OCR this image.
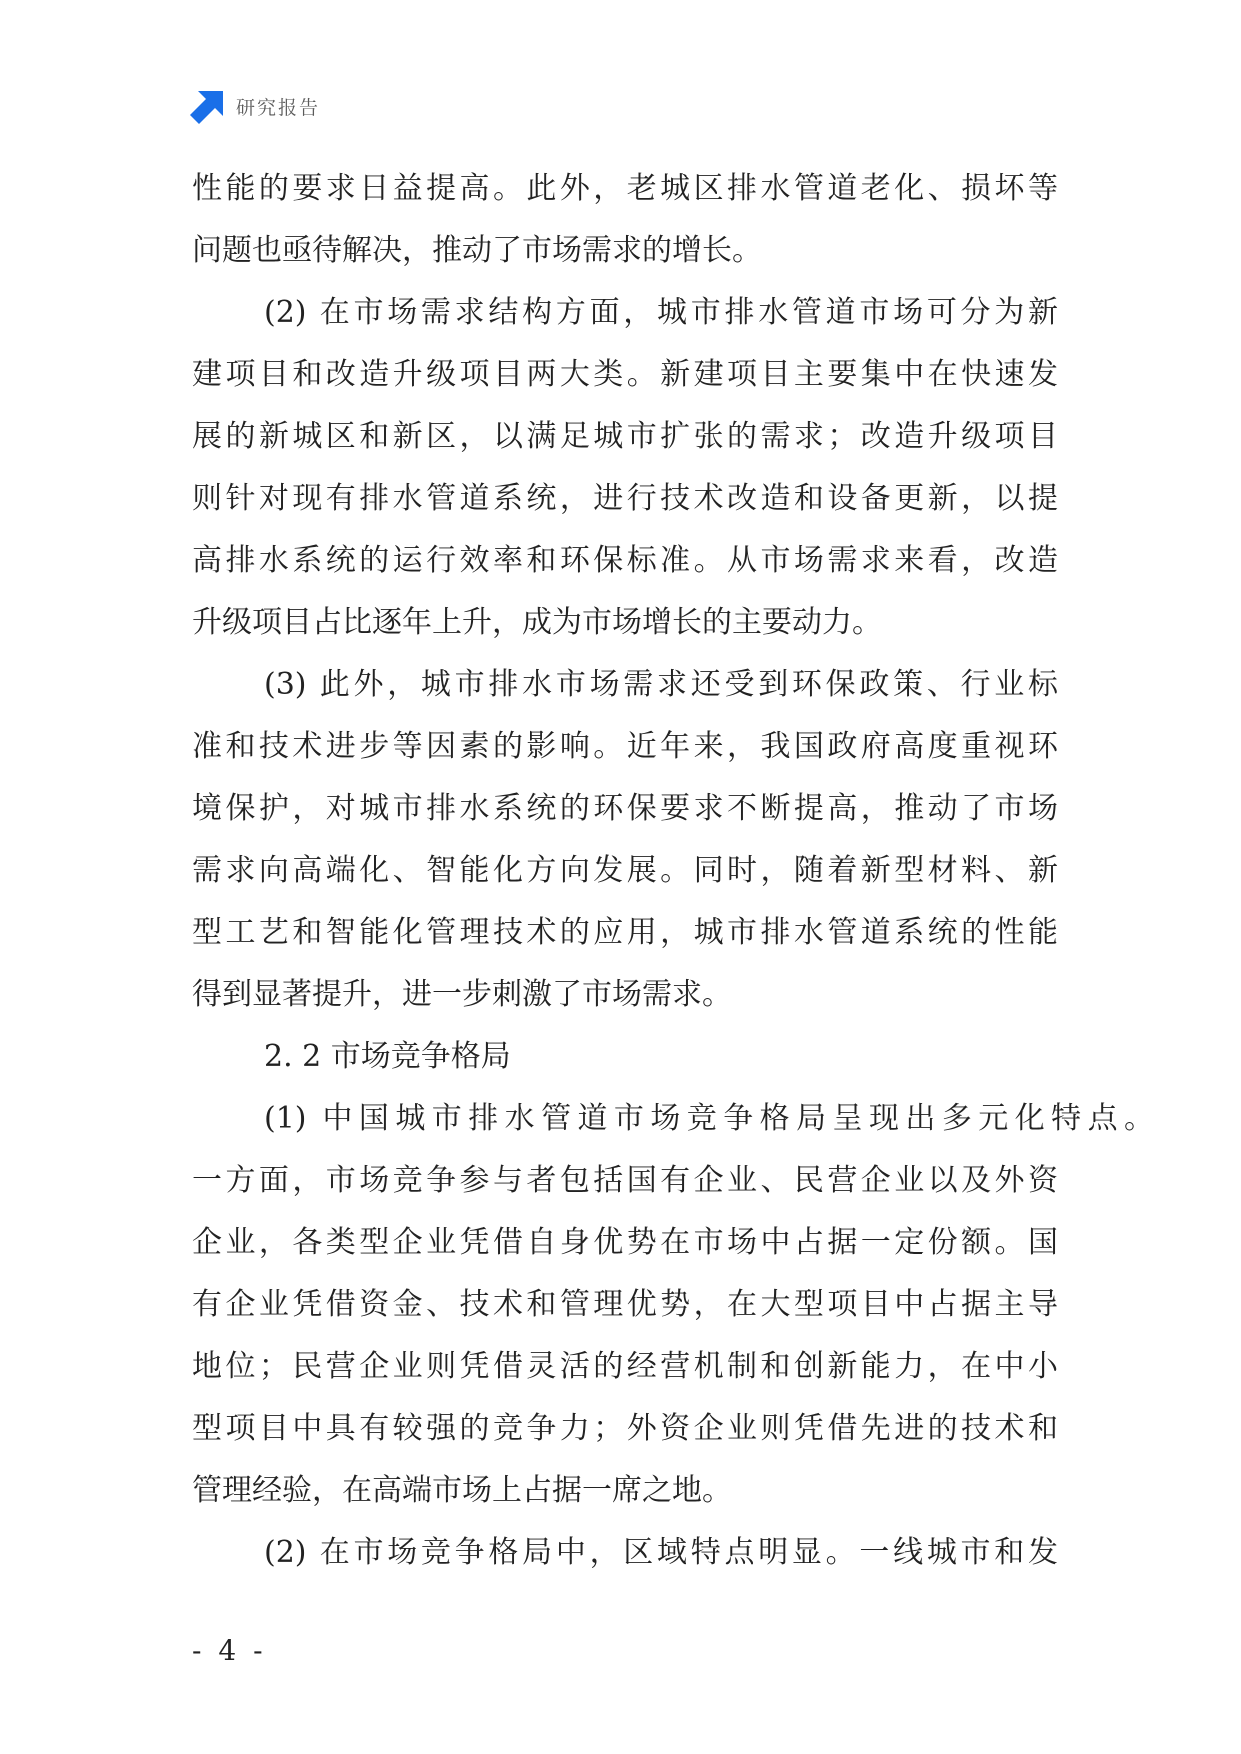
研究报告
性能的要求日益提高。此外，老城区排水管道老化、损坏等
问题也亟待解决，推动了市场需求的增长。
(2) 在市场需求结构方面，城市排水管道市场可分为新
建项目和改造升级项目两大类。新建项目主要集中在快速发
展的新城区和新区，以满足城市扩张的需求；改造升级项目
则针对现有排水管道系统，进行技术改造和设备更新，以提
高排水系统的运行效率和环保标准。从市场需求来看，改造
升级项目占比逐年上升，成为市场增长的主要动力。
(3) 此外，城市排水市场需求还受到环保政策、行业标
准和技术进步等因素的影响。近年来，我国政府高度重视环
境保护，对城市排水系统的环保要求不断提高，推动了市场
需求向高端化、智能化方向发展。同时，随着新型材料、新
型工艺和智能化管理技术的应用，城市排水管道系统的性能
得到显著提升，进一步刺激了市场需求。
2. 2 市场竞争格局
(1) 中国城市排水管道市场竞争格局呈现出多元化特点。
一方面，市场竞争参与者包括国有企业、民营企业以及外资
企业，各类型企业凭借自身优势在市场中占据一定份额。国
有企业凭借资金、技术和管理优势，在大型项目中占据主导
地位；民营企业则凭借灵活的经营机制和创新能力，在中小
型项目中具有较强的竞争力；外资企业则凭借先进的技术和
管理经验，在高端市场上占据一席之地。
(2) 在市场竞争格局中，区域特点明显。一线城市和发
- 4 -
